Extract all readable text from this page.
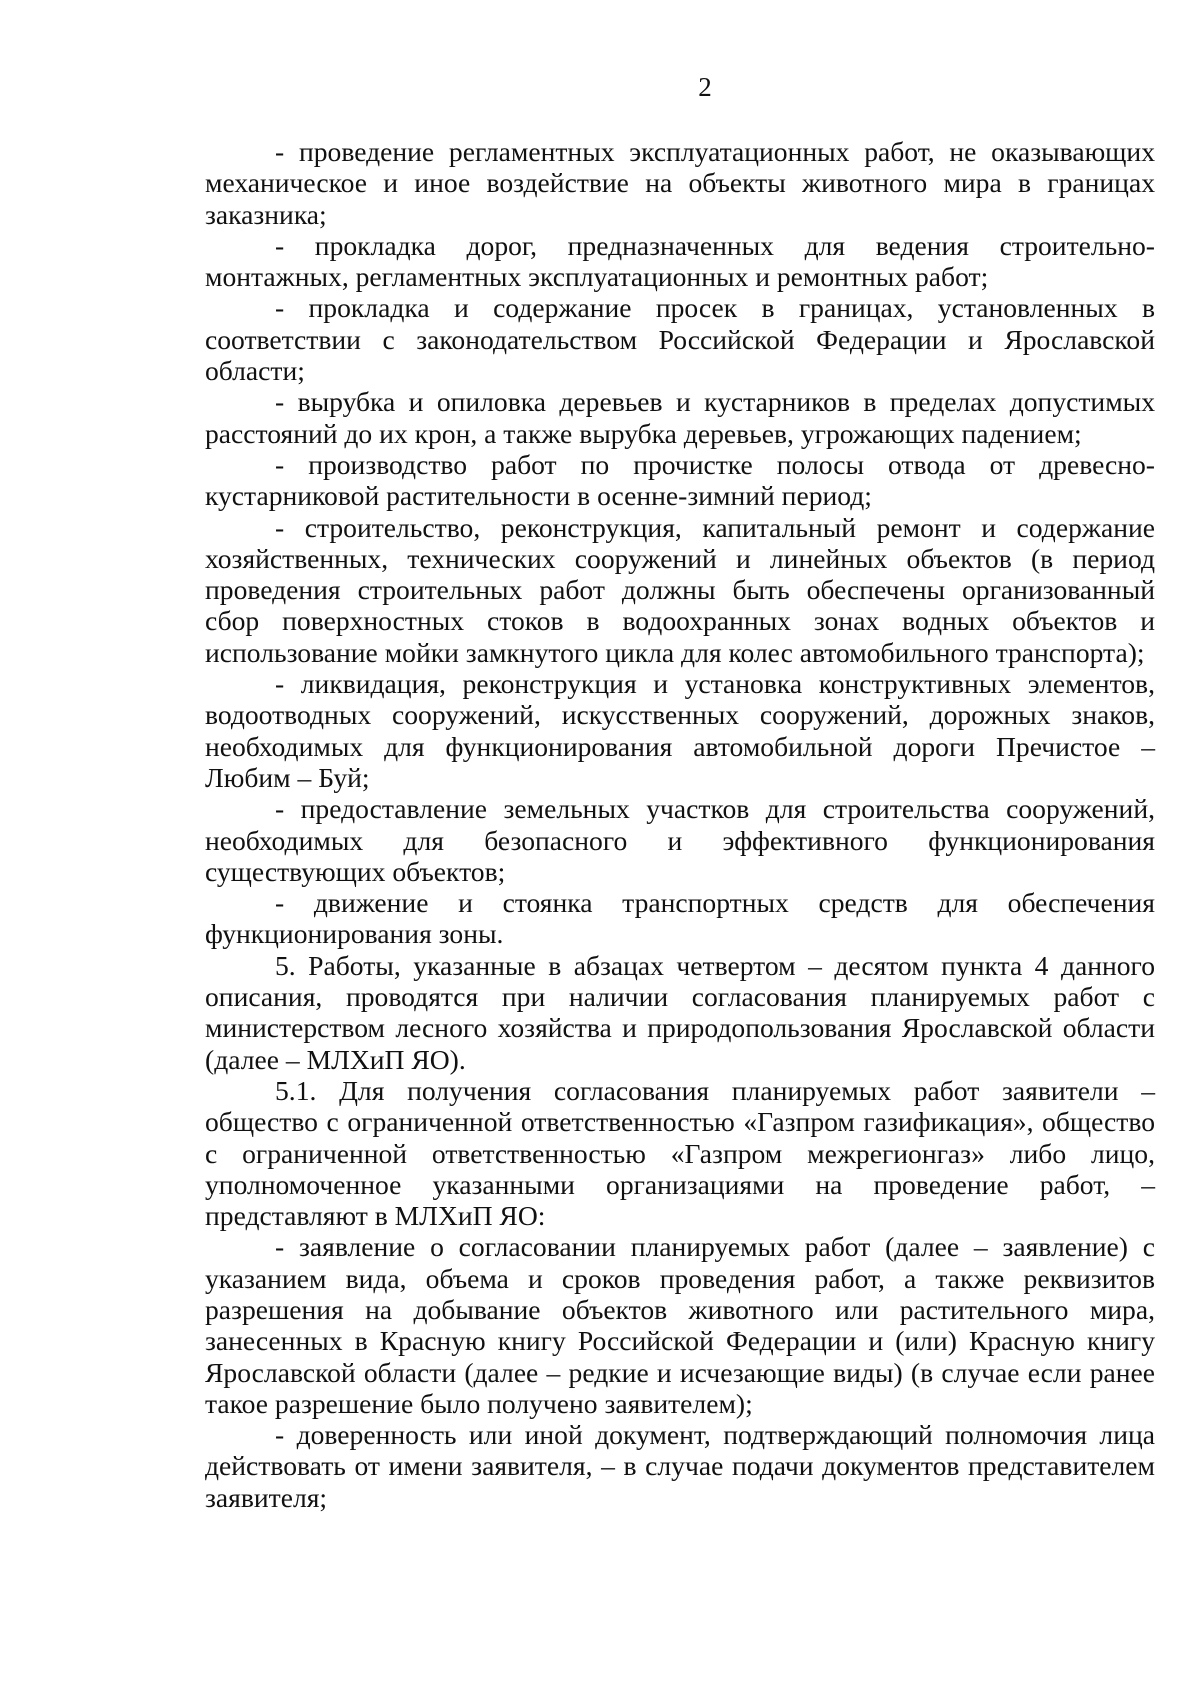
2

- проведение регламентных эксплуатационных работ, не оказывающих механическое и иное воздействие на объекты животного мира в границах заказника;

- прокладка дорог, предназначенных для ведения строительно-монтажных, регламентных эксплуатационных и ремонтных работ;

- прокладка и содержание просек в границах, установленных в соответствии с законодательством Российской Федерации и Ярославской области;

- вырубка и опиловка деревьев и кустарников в пределах допустимых расстояний до их крон, а также вырубка деревьев, угрожающих падением;

- производство работ по прочистке полосы отвода от древесно-кустарниковой растительности в осенне-зимний период;

- строительство, реконструкция, капитальный ремонт и содержание хозяйственных, технических сооружений и линейных объектов (в период проведения строительных работ должны быть обеспечены организованный сбор поверхностных стоков в водоохранных зонах водных объектов и использование мойки замкнутого цикла для колес автомобильного транспорта);

- ликвидация, реконструкция и установка конструктивных элементов, водоотводных сооружений, искусственных сооружений, дорожных знаков, необходимых для функционирования автомобильной дороги Пречистое – Любим – Буй;

- предоставление земельных участков для строительства сооружений, необходимых для безопасного и эффективного функционирования существующих объектов;

- движение и стоянка транспортных средств для обеспечения функционирования зоны.

5. Работы, указанные в абзацах четвертом – десятом пункта 4 данного описания, проводятся при наличии согласования планируемых работ с министерством лесного хозяйства и природопользования Ярославской области (далее – МЛХиП ЯО).

5.1. Для получения согласования планируемых работ заявители – общество с ограниченной ответственностью «Газпром газификация», общество с ограниченной ответственностью «Газпром межрегионгаз» либо лицо, уполномоченное указанными организациями на проведение работ, – представляют в МЛХиП ЯО:

- заявление о согласовании планируемых работ (далее – заявление) с указанием вида, объема и сроков проведения работ, а также реквизитов разрешения на добывание объектов животного или растительного мира, занесенных в Красную книгу Российской Федерации и (или) Красную книгу Ярославской области (далее – редкие и исчезающие виды) (в случае если ранее такое разрешение было получено заявителем);

- доверенность или иной документ, подтверждающий полномочия лица действовать от имени заявителя, – в случае подачи документов представителем заявителя;
